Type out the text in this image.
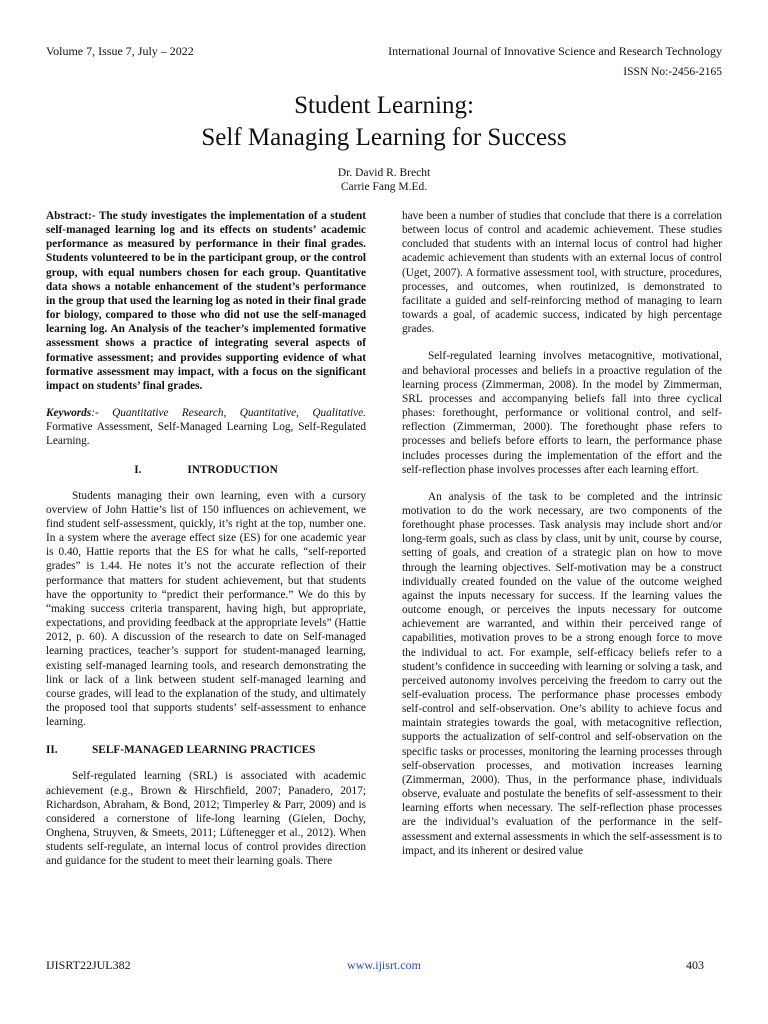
Volume 7, Issue 7, July – 2022	International Journal of Innovative Science and Research Technology
ISSN No:-2456-2165
Student Learning:
Self Managing Learning for Success
Dr. David R. Brecht
Carrie Fang M.Ed.

Abstract:- The study investigates the implementation of a student self-managed learning log and its effects on students’ academic performance as measured by performance in their final grades. Students volunteered to be in the participant group, or the control group, with equal numbers chosen for each group. Quantitative data shows a notable enhancement of the student’s performance in the group that used the learning log as noted in their final grade for biology, compared to those who did not use the self-managed learning log. An Analysis of the teacher’s implemented formative assessment shows a practice of integrating several aspects of formative assessment; and provides supporting evidence of what formative assessment may impact, with a focus on the significant impact on students’ final grades.

Keywords:- Quantitative Research, Quantitative, Qualitative. Formative Assessment, Self-Managed Learning Log, Self-Regulated Learning.

I.	INTRODUCTION

Students managing their own learning, even with a cursory overview of John Hattie’s list of 150 influences on achievement, we find student self-assessment, quickly, it’s right at the top, number one. In a system where the average effect size (ES) for one academic year is 0.40, Hattie reports that the ES for what he calls, “self-reported grades” is 1.44. He notes it’s not the accurate reflection of their performance that matters for student achievement, but that students have the opportunity to “predict their performance.” We do this by “making success criteria transparent, having high, but appropriate, expectations, and providing feedback at the appropriate levels” (Hattie 2012, p. 60). A discussion of the research to date on Self-managed learning practices, teacher’s support for student-managed learning, existing self-managed learning tools, and research demonstrating the link or lack of a link between student self-managed learning and course grades, will lead to the explanation of the study, and ultimately the proposed tool that supports students’ self-assessment to enhance learning.

II.	SELF-MANAGED LEARNING PRACTICES

Self-regulated learning (SRL) is associated with academic achievement (e.g., Brown & Hirschfield, 2007; Panadero, 2017; Richardson, Abraham, & Bond, 2012; Timperley & Parr, 2009) and is considered a cornerstone of life-long learning (Gielen, Dochy, Onghena, Struyven, & Smeets, 2011; Lüftenegger et al., 2012). When students self-regulate, an internal locus of control provides direction and guidance for the student to meet their learning goals. There

have been a number of studies that conclude that there is a correlation between locus of control and academic achievement. These studies concluded that students with an internal locus of control had higher academic achievement than students with an external locus of control (Uget, 2007). A formative assessment tool, with structure, procedures, processes, and outcomes, when routinized, is demonstrated to facilitate a guided and self-reinforcing method of managing to learn towards a goal, of academic success, indicated by high percentage grades.

Self-regulated learning involves metacognitive, motivational, and behavioral processes and beliefs in a proactive regulation of the learning process (Zimmerman, 2008). In the model by Zimmerman, SRL processes and accompanying beliefs fall into three cyclical phases: forethought, performance or volitional control, and self-reflection (Zimmerman, 2000). The forethought phase refers to processes and beliefs before efforts to learn, the performance phase includes processes during the implementation of the effort and the self-reflection phase involves processes after each learning effort.

An analysis of the task to be completed and the intrinsic motivation to do the work necessary, are two components of the forethought phase processes. Task analysis may include short and/or long-term goals, such as class by class, unit by unit, course by course, setting of goals, and creation of a strategic plan on how to move through the learning objectives. Self-motivation may be a construct individually created founded on the value of the outcome weighed against the inputs necessary for success. If the learning values the outcome enough, or perceives the inputs necessary for outcome achievement are warranted, and within their perceived range of capabilities, motivation proves to be a strong enough force to move the individual to act. For example, self-efficacy beliefs refer to a student’s confidence in succeeding with learning or solving a task, and perceived autonomy involves perceiving the freedom to carry out the self-evaluation process. The performance phase processes embody self-control and self-observation. One’s ability to achieve focus and maintain strategies towards the goal, with metacognitive reflection, supports the actualization of self-control and self-observation on the specific tasks or processes, monitoring the learning processes through self-observation processes, and motivation increases learning (Zimmerman, 2000). Thus, in the performance phase, individuals observe, evaluate and postulate the benefits of self-assessment to their learning efforts when necessary. The self-reflection phase processes are the individual’s evaluation of the performance in the self-assessment and external assessments in which the self-assessment is to impact, and its inherent or desired value

IJISRT22JUL382	www.ijisrt.com	403
